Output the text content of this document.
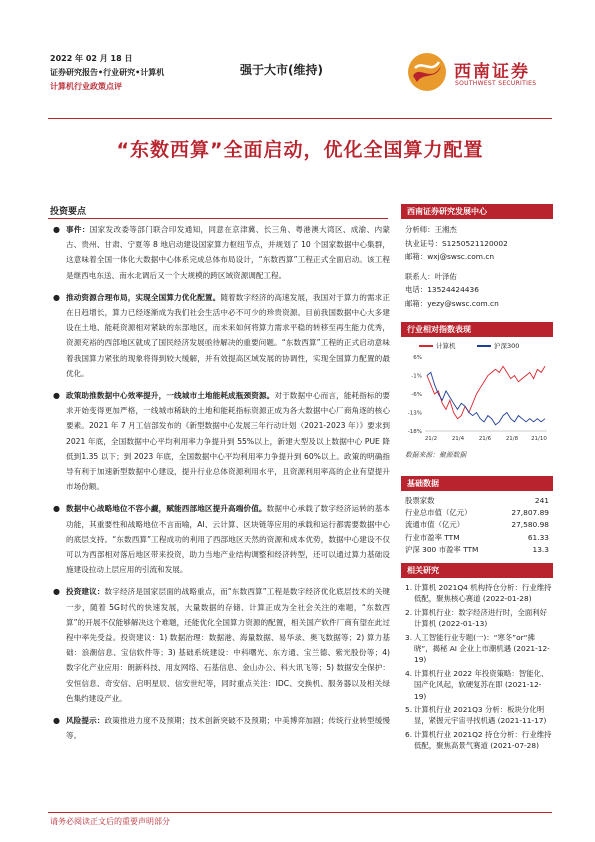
2022 年 02 月 18 日
证券研究报告•行业研究•计算机
计算机行业政策点评
强于大市(维持)	西南证券
SOUTHWEST SECURITIES
“东数西算”全面启动，优化全国算力配置
投资要点
● 事件：国家发改委等部门联合印发通知，同意在京津冀、长三角、粤港澳大湾区、成渝、内蒙古、贵州、甘肃、宁夏等 8 地启动建设国家算力枢纽节点，并规划了 10 个国家数据中心集群，这意味着全国一体化大数据中心体系完成总体布局设计，“东数西算”工程正式全面启动。该工程是继西电东送、南水北调后又一个大规模的跨区域资源调配工程。
● 推动资源合理布局，实现全国算力优化配置。随着数字经济的高速发展，我国对于算力的需求正在日趋增长，算力已经逐渐成为我们社会生活中必不可少的珍贵资源。目前我国数据中心大多建设在土地、能耗资源相对紧缺的东部地区，而未来如何将算力需求平稳的转移至再生能力优秀，资源充裕的西部地区就成了国民经济发展亟待解决的重要问题。“东数西算”工程的正式启动意味着我国算力紧张的现象将得到较大缓解，并有效提高区域发展的协调性，实现全国算力配置的最优化。
● 政策助推数据中心效率提升，一线城市土地能耗成瓶颈资源。对于数据中心而言，能耗指标的要求开始变得更加严格，一线城市稀缺的土地和能耗指标资源正成为各大数据中心厂商角逐的核心要素。2021 年 7 月工信部发布的《新型数据中心发展三年行动计划（2021-2023 年）》要求到 2021 年底，全国数据中心平均利用率力争提升到 55%以上，新建大型及以上数据中心 PUE 降低到1.35 以下；到 2023 年底，全国数据中心平均利用率力争提升到 60%以上。政策的明确指导有利于加速新型数据中心建设，提升行业总体资源利用水平，且资源利用率高的企业有望提升市场份额。
● 数据中心战略地位不容小觑，赋能西部地区提升高端价值。数据中心承载了数字经济运转的基本功能，其重要性和战略地位不言而喻，AI、云计算、区块链等应用的承载和运行都需要数据中心的底层支持。“东数西算”工程成功的利用了西部地区天然的资源和成本优势，数据中心建设不仅可以为西部相对落后地区带来投资，助力当地产业结构调整和经济转型，还可以通过算力基础设施建设拉动上层应用的引流和发展。
● 投资建议：数字经济是国家层面的战略重点，而“东数西算”工程是数字经济优化底层技术的关键一步，随着 5G时代的快速发展，大量数据的存储、计算正成为全社会关注的难题，“东数西算”的开展不仅能够解决这个难题，还能优化全国算力资源的配置，相关国产软件厂商有望在此过程中率先受益。投资建议：1) 数据治理：数据港、海量数据、易华录、奥飞数据等；2) 算力基础：浪潮信息、宝信软件等；3) 基础系统建设：中科曙光、东方通、宝兰德、紫光股份等；4) 数字化产业应用：朗新科技、用友网络、石基信息、金山办公、科大讯飞等；5) 数据安全保护：安恒信息、奇安信、启明星辰、信安世纪等，同时重点关注：IDC、交换机、服务器以及相关绿色集约建设产业。
● 风险提示：政策推进力度不及预期；技术创新突破不及预期；中美博弈加剧；传统行业转型缓慢等。
西南证券研究发展中心
分析师：王湘杰
执业证号：S1250521120002
邮箱：wxj@swsc.com.cn
联系人：叶泽佑
电话：13524424436
邮箱：yezy@swsc.com.cn
行业相对指数表现
计算机	沪深300
6%
-1%
-6%
-13%
-18%
21/2	21/4	21/6	21/8 21/10
数据来源：聚源数据
基础数据
股票家数	241
行业总市值（亿元）	27,807.89
流通市值（亿元）	27,580.98
行业市盈率 TTM	61.33
沪深 300 市盈率 TTM	13.3
相关研究
1. 计算机 2021Q4 机构持仓分析：行业维持低配，聚焦核心赛道 (2022-01-28)
2. 计算机行业：数字经济进行时，全面利好计算机 (2022-01-13)
3. 人工智能行业专题(一)：“寒冬”or“拂晓”，揭秘 AI 企业上市潮机遇 (2021-12-19)
4. 计算机行业 2022 年投资策略：智能化、国产化风起，软硬复苏在即 (2021-12-19)
5. 计算机行业 2021Q3 分析：板块分化明显，紧握元宇宙寻找机遇 (2021-11-17)
6. 计算机行业 2021Q2 持仓分析：行业维持低配，聚焦高景气赛道 (2021-07-28)
请务必阅读正文后的重要声明部分
